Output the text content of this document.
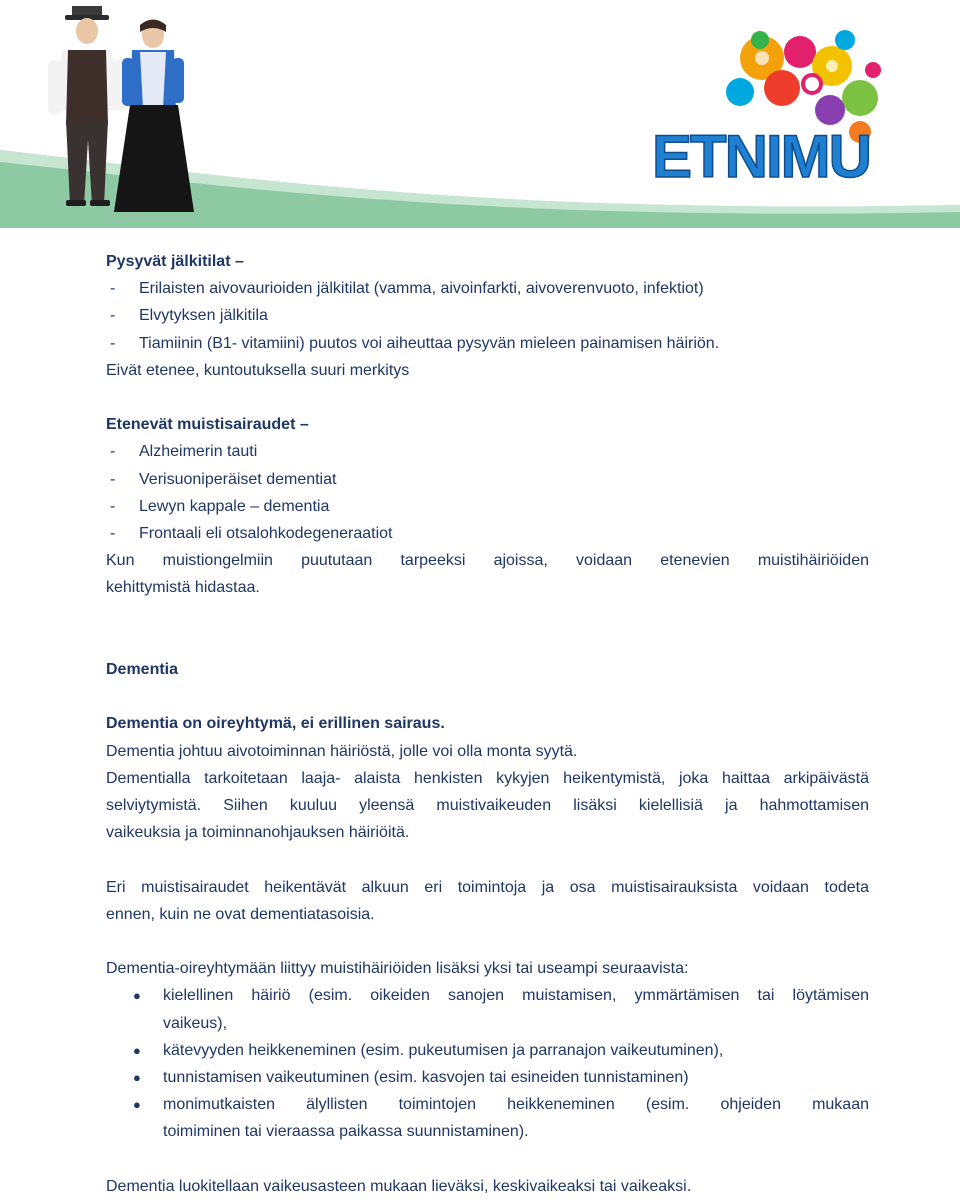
ETNIMU
Pysyvät jälkitilat –
- Erilaisten aivovaurioiden jälkitilat (vamma, aivoinfarkti, aivoverenvuoto, infektiot)
- Elvytyksen jälkitila
- Tiamiinin (B1- vitamiini) puutos voi aiheuttaa pysyvän mieleen painamisen häiriön.
Eivät etenee, kuntoutuksella suuri merkitys
Etenevät muistisairaudet –
- Alzheimerin tauti
- Verisuoniperäiset dementiat
- Lewyn kappale – dementia
- Frontaali eli otsalohkodegeneraatiot
Kun muistiongelmiin puututaan tarpeeksi ajoissa, voidaan etenevien muistihäiriöiden
kehittymistä hidastaa.
Dementia
Dementia on oireyhtymä, ei erillinen sairaus.
Dementia johtuu aivotoiminnan häiriöstä, jolle voi olla monta syytä.
Dementialla tarkoitetaan laaja- alaista henkisten kykyjen heikentymistä, joka haittaa arkipäivästä
selviytymistä. Siihen kuuluu yleensä muistivaikeuden lisäksi kielellisiä ja hahmottamisen
vaikeuksia ja toiminnanohjauksen häiriöitä.
Eri muistisairaudet heikentävät alkuun eri toimintoja ja osa muistisairauksista voidaan todeta
ennen, kuin ne ovat dementiatasoisia.
Dementia-oireyhtymään liittyy muistihäiriöiden lisäksi yksi tai useampi seuraavista:
● kielellinen häiriö (esim. oikeiden sanojen muistamisen, ymmärtämisen tai löytämisen
vaikeus),
● kätevyyden heikkeneminen (esim. pukeutumisen ja parranajon vaikeutuminen),
● tunnistamisen vaikeutuminen (esim. kasvojen tai esineiden tunnistaminen)
● monimutkaisten älyllisten toimintojen heikkeneminen (esim. ohjeiden mukaan
toimiminen tai vieraassa paikassa suunnistaminen).
Dementia luokitellaan vaikeusasteen mukaan lieväksi, keskivaikeaksi tai vaikeaksi.
